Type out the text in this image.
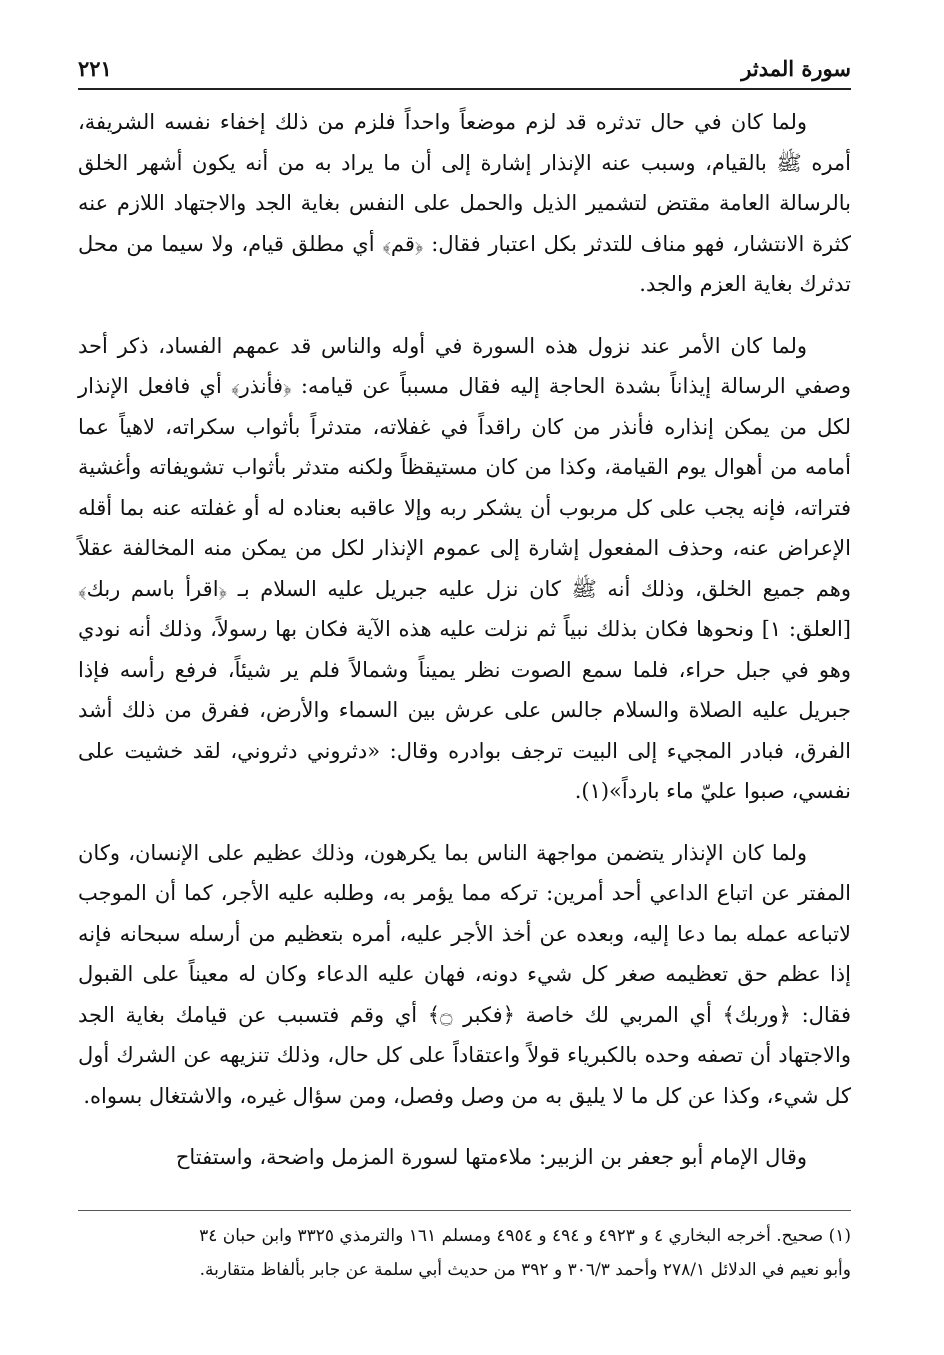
سورة المدثر
٢٢١

ولما كان في حال تدثره قد لزم موضعاً واحداً فلزم من ذلك إخفاء نفسه الشريفة، أمره ﷺ بالقيام، وسبب عنه الإنذار إشارة إلى أن ما يراد به من أنه يكون أشهر الخلق بالرسالة العامة مقتض لتشمير الذيل والحمل على النفس بغاية الجد والاجتهاد اللازم عنه كثرة الانتشار، فهو مناف للتدثر بكل اعتبار فقال: ﴿قم﴾ أي مطلق قيام، ولا سيما من محل تدثرك بغاية العزم والجد.

ولما كان الأمر عند نزول هذه السورة في أوله والناس قد عمهم الفساد، ذكر أحد وصفي الرسالة إيذاناً بشدة الحاجة إليه فقال مسبباً عن قيامه: ﴿فأنذر﴾ أي فافعل الإنذار لكل من يمكن إنذاره فأنذر من كان راقداً في غفلاته، متدثراً بأثواب سكراته، لاهياً عما أمامه من أهوال يوم القيامة، وكذا من كان مستيقظاً ولكنه متدثر بأثواب تشويفاته وأغشية فتراته، فإنه يجب على كل مربوب أن يشكر ربه وإلا عاقبه بعناده له أو غفلته عنه بما أقله الإعراض عنه، وحذف المفعول إشارة إلى عموم الإنذار لكل من يمكن منه المخالفة عقلاً وهم جميع الخلق، وذلك أنه ﷺ كان نزل عليه جبريل عليه السلام بـ ﴿اقرأ باسم ربك﴾ [العلق: ١] ونحوها فكان بذلك نبياً ثم نزلت عليه هذه الآية فكان بها رسولاً، وذلك أنه نودي وهو في جبل حراء، فلما سمع الصوت نظر يميناً وشمالاً فلم ير شيئاً، فرفع رأسه فإذا جبريل عليه الصلاة والسلام جالس على عرش بين السماء والأرض، ففرق من ذلك أشد الفرق، فبادر المجيء إلى البيت ترجف بوادره وقال: «دثروني دثروني، لقد خشيت على نفسي، صبوا عليّ ماء بارداً»(١).

ولما كان الإنذار يتضمن مواجهة الناس بما يكرهون، وذلك عظيم على الإنسان، وكان المفتر عن اتباع الداعي أحد أمرين: تركه مما يؤمر به، وطلبه عليه الأجر، كما أن الموجب لاتباعه عمله بما دعا إليه، وبعده عن أخذ الأجر عليه، أمره بتعظيم من أرسله سبحانه فإنه إذا عظم حق تعظيمه صغر كل شيء دونه، فهان عليه الدعاء وكان له معيناً على القبول فقال: ﴿وربك﴾ أي المربي لك خاصة ﴿فكبر ۝﴾ أي وقم فتسبب عن قيامك بغاية الجد والاجتهاد أن تصفه وحده بالكبرياء قولاً واعتقاداً على كل حال، وذلك تنزيهه عن الشرك أول كل شيء، وكذا عن كل ما لا يليق به من وصل وفصل، ومن سؤال غيره، والاشتغال بسواه.

وقال الإمام أبو جعفر بن الزبير: ملاءمتها لسورة المزمل واضحة، واستفتاح

(١) صحيح. أخرجه البخاري ٤ و ٤٩٢٣ و ٤٩٤ و ٤٩٥٤ ومسلم ١٦١ والترمذي ٣٣٢٥ وابن حبان ٣٤

وأبو نعيم في الدلائل ٢٧٨/١ وأحمد ٣٠٦/٣ و ٣٩٢ من حديث أبي سلمة عن جابر بألفاظ متقاربة.
